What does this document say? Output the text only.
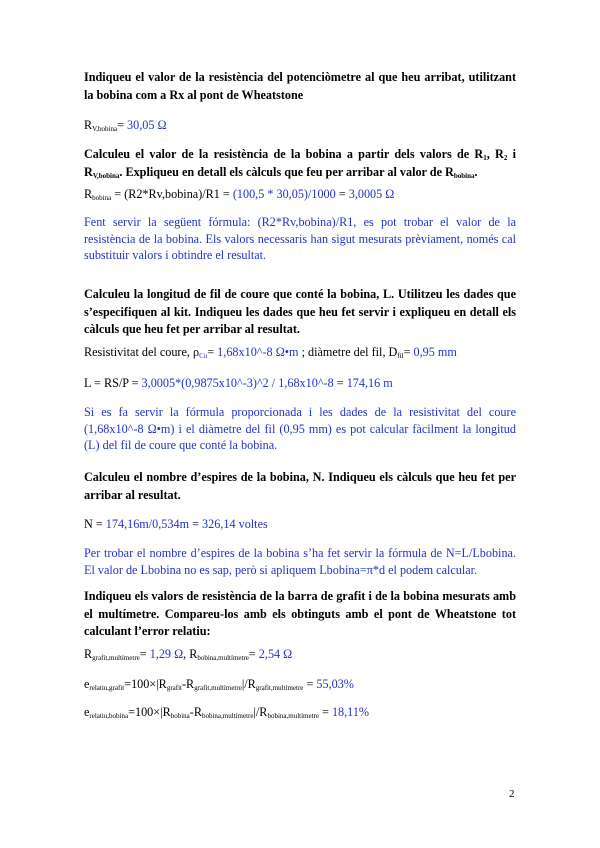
Indiqueu el valor de la resistència del potenciòmetre al que heu arribat, utilitzant la bobina com a Rx al pont de Wheatstone
$R_{V,bobina}= 30,05$ Ω
Calculeu el valor de la resistència de la bobina a partir dels valors de R1, R2 i RV,bobina. Expliqueu en detall els càlculs que feu per arribar al valor de Rbobina.
$R_{bobina}$ = (R2*Rv,bobina)/R1 = (100,5 * 30,05)/1000 = 3,0005 Ω
Fent servir la següent fórmula: (R2*Rv,bobina)/R1, es pot trobar el valor de la resistència de la bobina. Els valors necessaris han sigut mesurats prèviament, només cal substituir valors i obtindre el resultat.
Calculeu la longitud de fil de coure que conté la bobina, L. Utilitzeu les dades que s’especifiquen al kit. Indiqueu les dades que heu fet servir i expliqueu en detall els càlculs que heu fet per arribar al resultat.
Resistivitat del coure, $\rho_{Cu}=$ 1,68x10^-8 Ω•m ; diàmetre del fil, $D_{fil}= 0,95$ mm
L = RS/P = 3,0005*(0,9875x10^-3)^2 / 1,68x10^-8 = 174,16 m
Si es fa servir la fórmula proporcionada i les dades de la resistivitat del coure (1,68x10^-8 Ω•m) i el diàmetre del fil (0,95 mm) es pot calcular fàcilment la longitud (L) del fil de coure que conté la bobina.
Calculeu el nombre d’espires de la bobina, N. Indiqueu els càlculs que heu fet per arribar al resultat.
N = 174,16m/0,534m = 326,14 voltes
Per trobar el nombre d’espires de la bobina s’ha fet servir la fórmula de N=L/Lbobina. El valor de Lbobina no es sap, però si apliquem Lbobina=π*d el podem calcular.
Indiqueu els valors de resistència de la barra de grafit i de la bobina mesurats amb el multímetre. Compareu-los amb els obtinguts amb el pont de Wheatstone tot calculant l’error relatiu:
$R_{grafit,multímetre}= 1,29$ Ω, $R_{bobina,multímetre}= 2,54$ Ω
$e_{relatiu,grafit}=100\times|R_{grafit}-R_{grafit,multímetre}|/R_{grafit,multímetre} = 55,03\%$
$e_{relatiu,bobina}=100\times|R_{bobina}-R_{bobina,multímetre}|/R_{bobina,multímetre} = 18,11\%$
2
